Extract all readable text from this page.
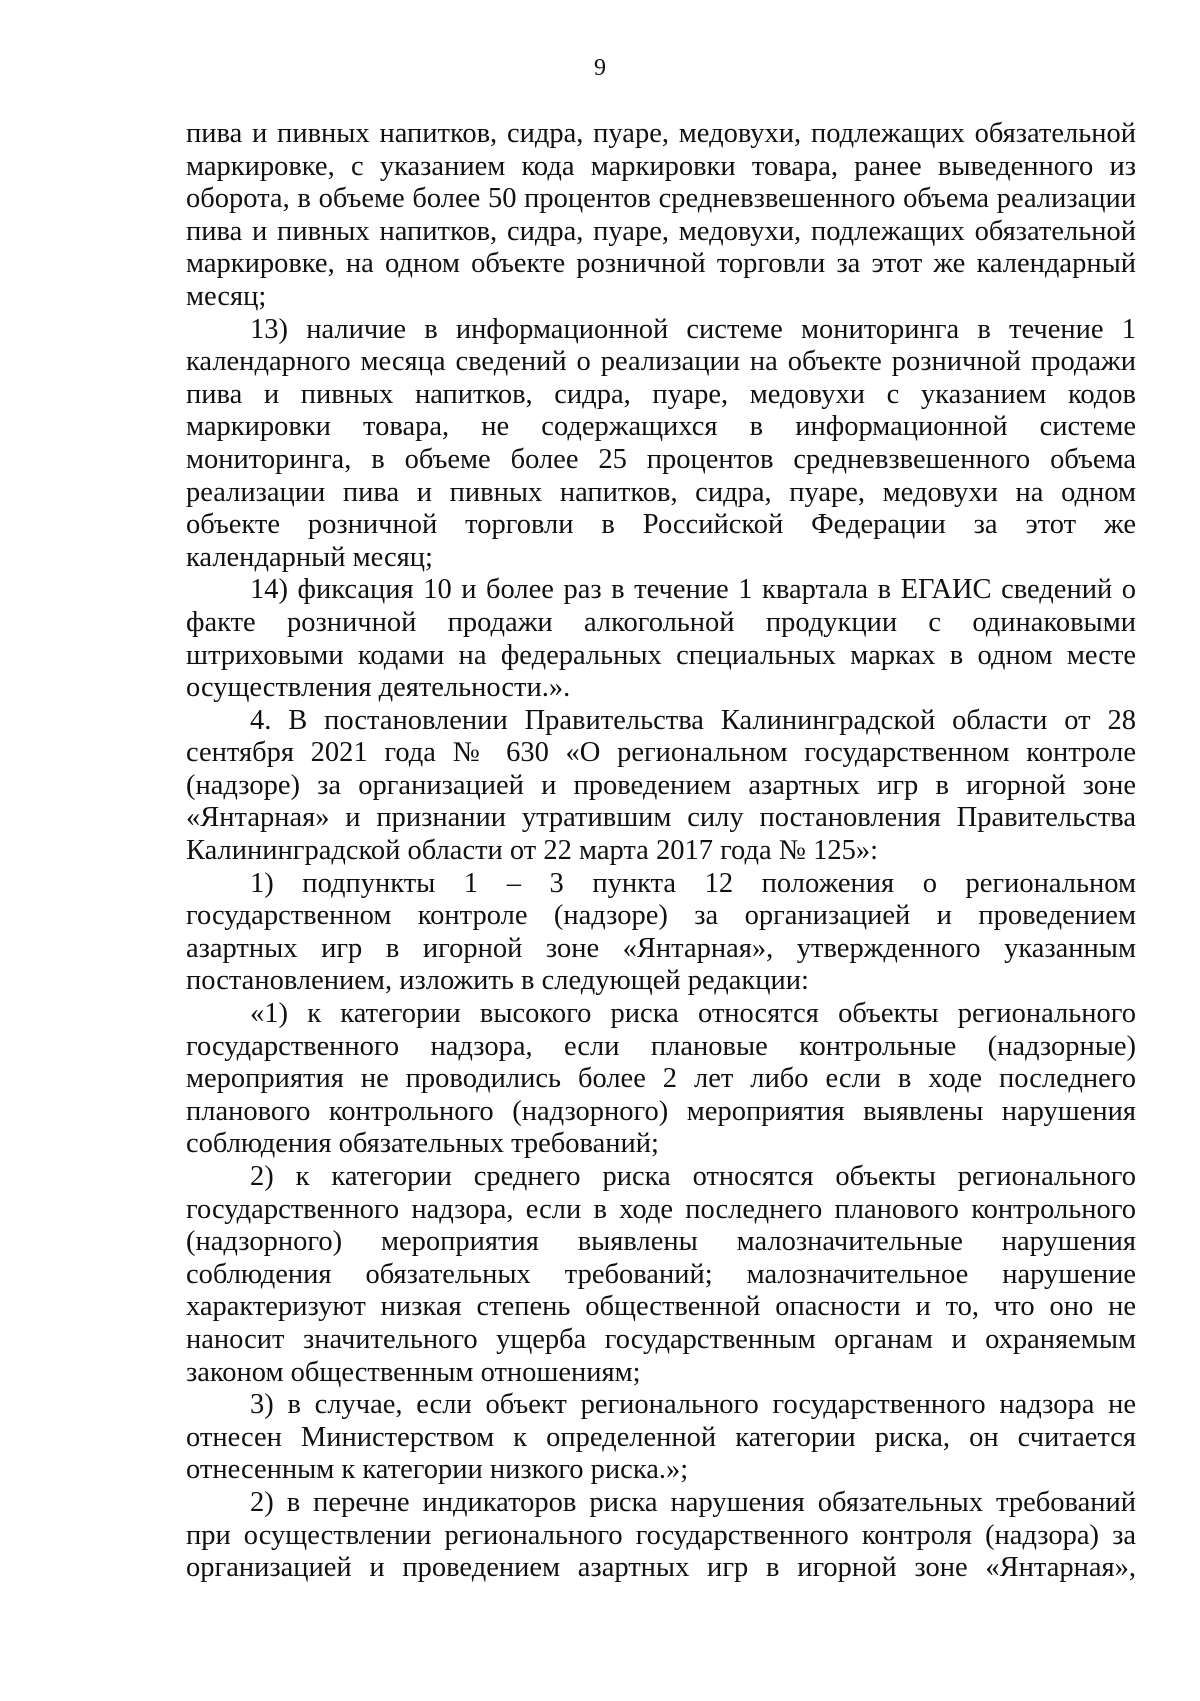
9

пива и пивных напитков, сидра, пуаре, медовухи, подлежащих обязательной маркировке, с указанием кода маркировки товара, ранее выведенного из оборота, в объеме более 50 процентов средневзвешенного объема реализации пива и пивных напитков, сидра, пуаре, медовухи, подлежащих обязательной маркировке, на одном объекте розничной торговли за этот же календарный месяц;

13) наличие в информационной системе мониторинга в течение 1 календарного месяца сведений о реализации на объекте розничной продажи пива и пивных напитков, сидра, пуаре, медовухи с указанием кодов маркировки товара, не содержащихся в информационной системе мониторинга, в объеме более 25 процентов средневзвешенного объема реализации пива и пивных напитков, сидра, пуаре, медовухи на одном объекте розничной торговли в Российской Федерации за этот же календарный месяц;

14) фиксация 10 и более раз в течение 1 квартала в ЕГАИС сведений о факте розничной продажи алкогольной продукции с одинаковыми штриховыми кодами на федеральных специальных марках в одном месте осуществления деятельности.».

4. В постановлении Правительства Калининградской области от 28 сентября 2021 года № 630 «О региональном государственном контроле (надзоре) за организацией и проведением азартных игр в игорной зоне «Янтарная» и признании утратившим силу постановления Правительства Калининградской области от 22 марта 2017 года № 125»:

1) подпункты 1 – 3 пункта 12 положения о региональном государственном контроле (надзоре) за организацией и проведением азартных игр в игорной зоне «Янтарная», утвержденного указанным постановлением, изложить в следующей редакции:

«1) к категории высокого риска относятся объекты регионального государственного надзора, если плановые контрольные (надзорные) мероприятия не проводились более 2 лет либо если в ходе последнего планового контрольного (надзорного) мероприятия выявлены нарушения соблюдения обязательных требований;

2) к категории среднего риска относятся объекты регионального государственного надзора, если в ходе последнего планового контрольного (надзорного) мероприятия выявлены малозначительные нарушения соблюдения обязательных требований; малозначительное нарушение характеризуют низкая степень общественной опасности и то, что оно не наносит значительного ущерба государственным органам и охраняемым законом общественным отношениям;

3) в случае, если объект регионального государственного надзора не отнесен Министерством к определенной категории риска, он считается отнесенным к категории низкого риска.»;

2) в перечне индикаторов риска нарушения обязательных требований при осуществлении регионального государственного контроля (надзора) за организацией и проведением азартных игр в игорной зоне «Янтарная»,
